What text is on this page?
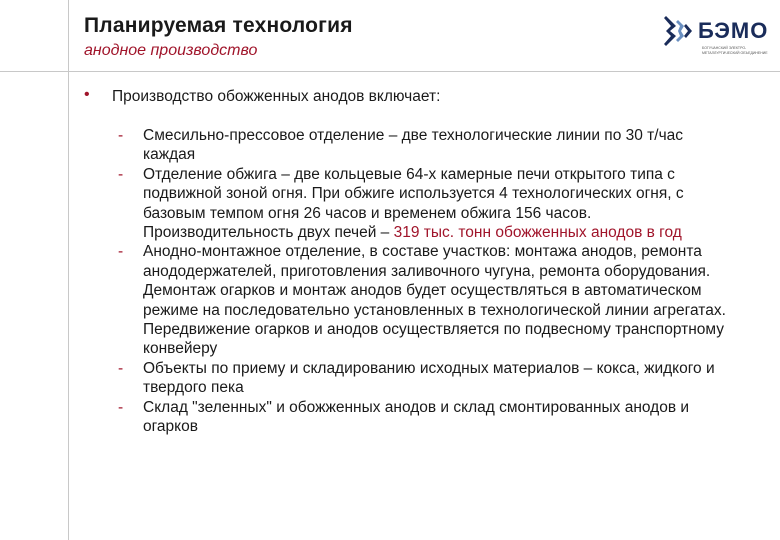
Планируемая технология
анодное производство
БЭМО
БОГУЧАНСКИЙ ЭЛЕКТРО-МЕТАЛЛУРГИЧЕСКИЙ ОБЪЕДИНЕНИЕ
• Производство обожженных анодов включает:
- Смесильно-прессовое отделение – две технологические линии по 30 т/час каждая
- Отделение обжига – две кольцевые 64-х камерные печи открытого типа с подвижной зоной огня. При обжиге используется 4 технологических огня, с базовым темпом огня 26 часов и временем обжига 156 часов. Производительность двух печей – 319 тыс. тонн обожженных анодов в год
- Анодно-монтажное отделение, в составе участков: монтажа анодов, ремонта анододержателей, приготовления заливочного чугуна, ремонта оборудования. Демонтаж огарков и монтаж анодов будет осуществляться в автоматическом режиме на последовательно установленных в технологической линии агрегатах. Передвижение огарков и анодов осуществляется по подвесному транспортному конвейеру
- Объекты по приему и складированию исходных материалов – кокса, жидкого и твердого пека
- Склад "зеленных" и обожженных анодов и склад смонтированных анодов и огарков
